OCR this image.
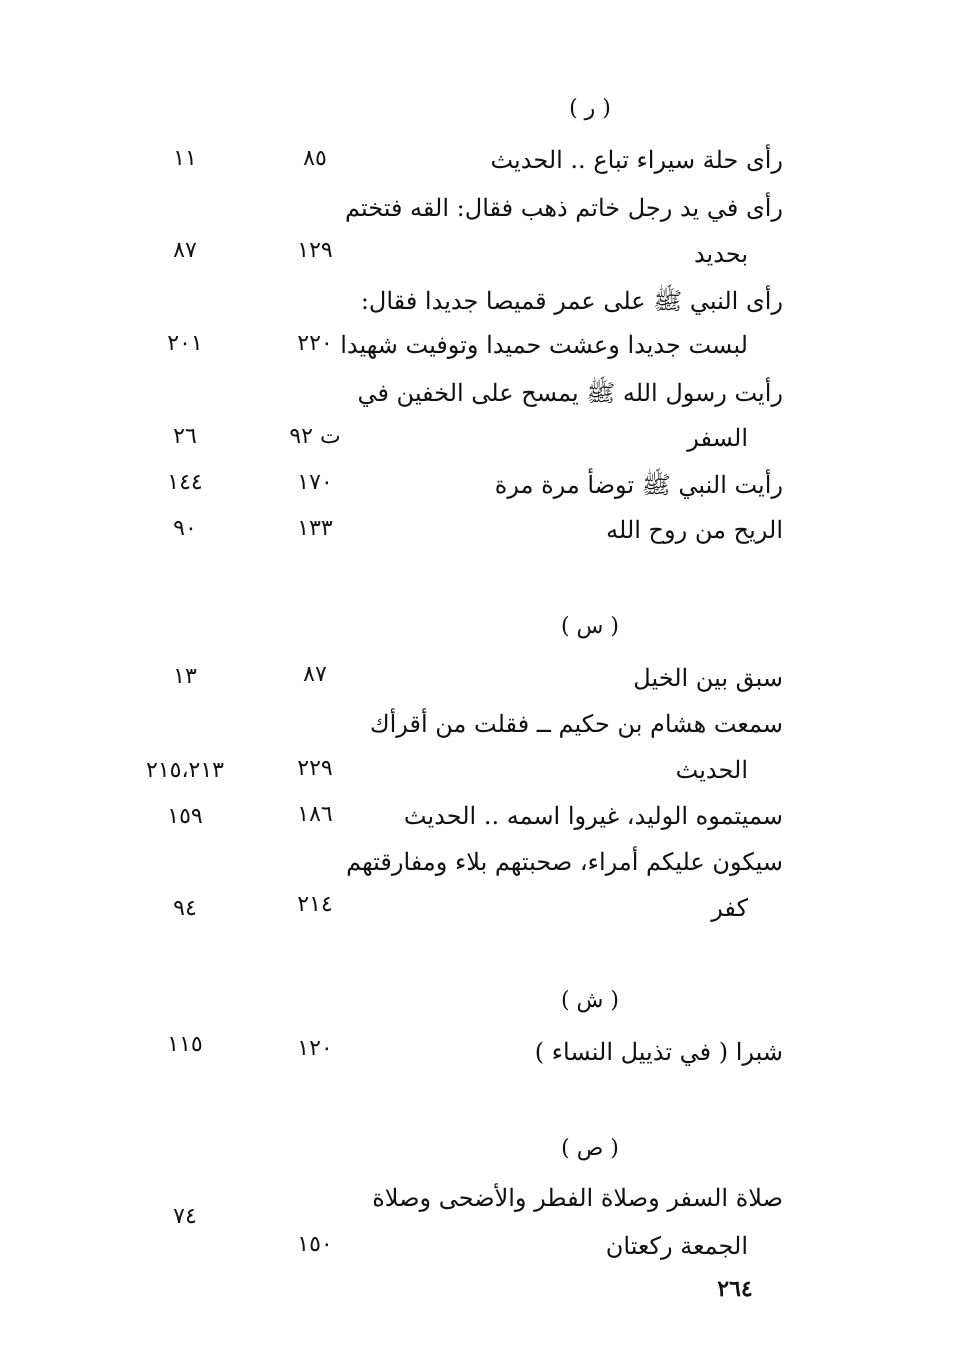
( ر )
رأى حلة سيراء تباع .. الحديث
٨٥
١١
رأى في يد رجل خاتم ذهب فقال: القه فتختم
بحديد
١٢٩
٨٧
رأى النبي ﷺ على عمر قميصا جديدا فقال:
لبست جديدا وعشت حميدا وتوفيت شهيدا
٢٢٠
٢٠١
رأيت رسول الله ﷺ يمسح على الخفين في
السفر
ت ٩٢
٢٦
رأيت النبي ﷺ توضأ مرة مرة
١٧٠
١٤٤
الريح من روح الله
١٣٣
٩٠
( س )
سبق بين الخيل
٨٧
١٣
سمعت هشام بن حكيم ــ فقلت من أقرأك
الحديث
٢٢٩
٢١٥،٢١٣
سميتموه الوليد، غيروا اسمه .. الحديث
١٨٦
١٥٩
سيكون عليكم أمراء، صحبتهم بلاء ومفارقتهم
كفر
٢١٤
٩٤
( ش )
شبرا ( في تذييل النساء )
١٢٠
١١٥
( ص )
صلاة السفر وصلاة الفطر والأضحى وصلاة
الجمعة ركعتان
١٥٠
٧٤
٢٦٤
